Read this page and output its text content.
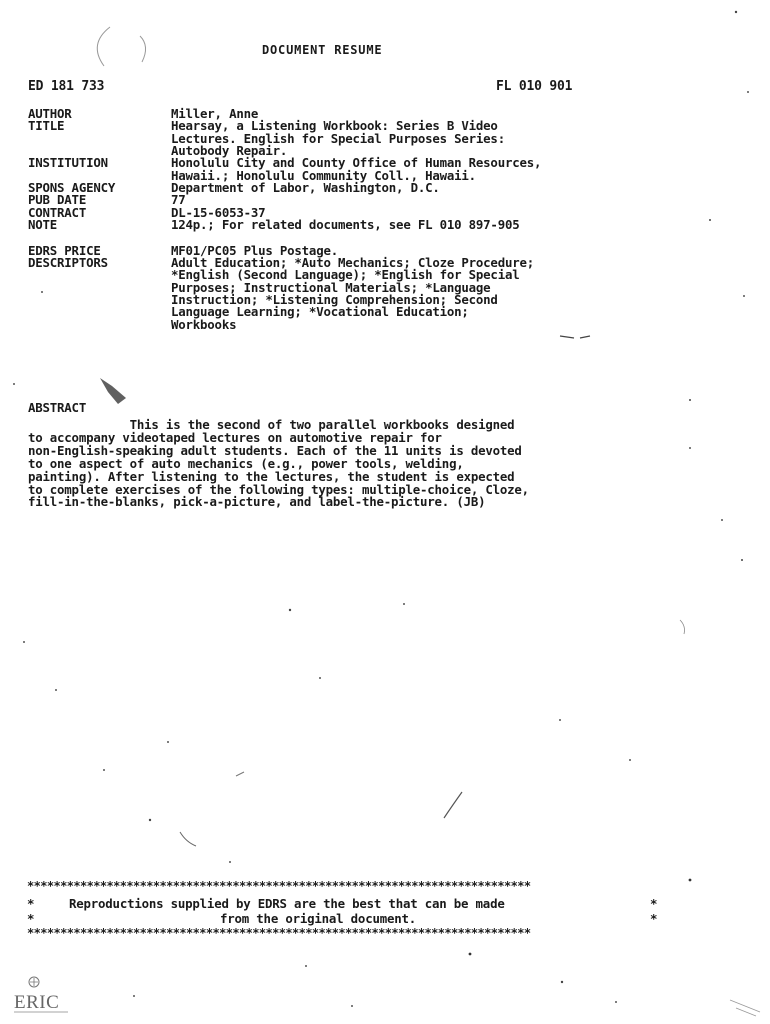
DOCUMENT RESUME
ED 181 733	FL 010 901
AUTHOR	Miller, Anne
TITLE	Hearsay, a Listening Workbook: Series B Video
Lectures. English for Special Purposes Series:
Autobody Repair.
INSTITUTION	Honolulu City and County Office of Human Resources,
Hawaii.; Honolulu Community Coll., Hawaii.
SPONS AGENCY	Department of Labor, Washington, D.C.
PUB DATE	77
CONTRACT	DL-15-6053-37
NOTE	124p.; For related documents, see FL 010 897-905
EDRS PRICE	MF01/PC05 Plus Postage.
DESCRIPTORS	Adult Education; *Auto Mechanics; Cloze Procedure;
*English (Second Language); *English for Special
Purposes; Instructional Materials; *Language
Instruction; *Listening Comprehension; Second
Language Learning; *Vocational Education;
Workbooks
ABSTRACT
This is the second of two parallel workbooks designed
to accompany videotaped lectures on automotive repair for
non-English-speaking adult students. Each of the 11 units is devoted
to one aspect of auto mechanics (e.g., power tools, welding,
painting). After listening to the lectures, the student is expected
to complete exercises of the following types: multiple-choice, Cloze,
fill-in-the-blanks, pick-a-picture, and label-the-picture. (JB)
****************************************************************************
*	Reproductions supplied by EDRS are the best that can be made	*
*	from the original document.	*
****************************************************************************
ERIC
